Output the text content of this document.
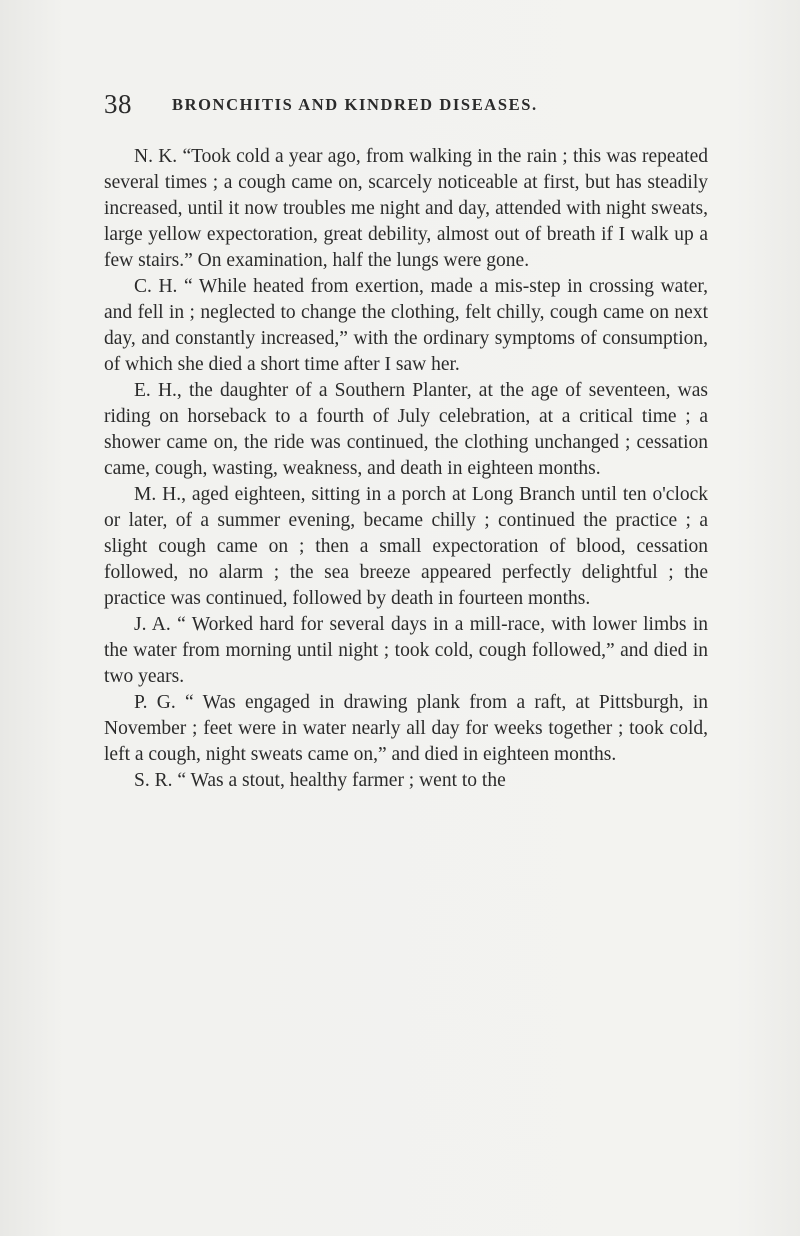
38 BRONCHITIS AND KINDRED DISEASES.

N. K. “Took cold a year ago, from walking in the rain ; this was repeated several times ; a cough came on, scarcely noticeable at first, but has steadily increased, until it now troubles me night and day, attended with night sweats, large yellow expectoration, great debility, almost out of breath if I walk up a few stairs.” On examination, half the lungs were gone.

C. H. “ While heated from exertion, made a mis-step in crossing water, and fell in ; neglected to change the clothing, felt chilly, cough came on next day, and constantly increased,” with the ordinary symptoms of consumption, of which she died a short time after I saw her.

E. H., the daughter of a Southern Planter, at the age of seventeen, was riding on horseback to a fourth of July celebration, at a critical time ; a shower came on, the ride was continued, the clothing unchanged ; cessation came, cough, wasting, weakness, and death in eighteen months.

M. H., aged eighteen, sitting in a porch at Long Branch until ten o'clock or later, of a summer evening, became chilly ; continued the practice ; a slight cough came on ; then a small expectoration of blood, cessation followed, no alarm ; the sea breeze appeared perfectly delightful ; the practice was continued, followed by death in fourteen months.

J. A. “ Worked hard for several days in a mill-race, with lower limbs in the water from morning until night ; took cold, cough followed,” and died in two years.

P. G. “ Was engaged in drawing plank from a raft, at Pittsburgh, in November ; feet were in water nearly all day for weeks together ; took cold, left a cough, night sweats came on,” and died in eighteen months.

S. R. “ Was a stout, healthy farmer ; went to the
